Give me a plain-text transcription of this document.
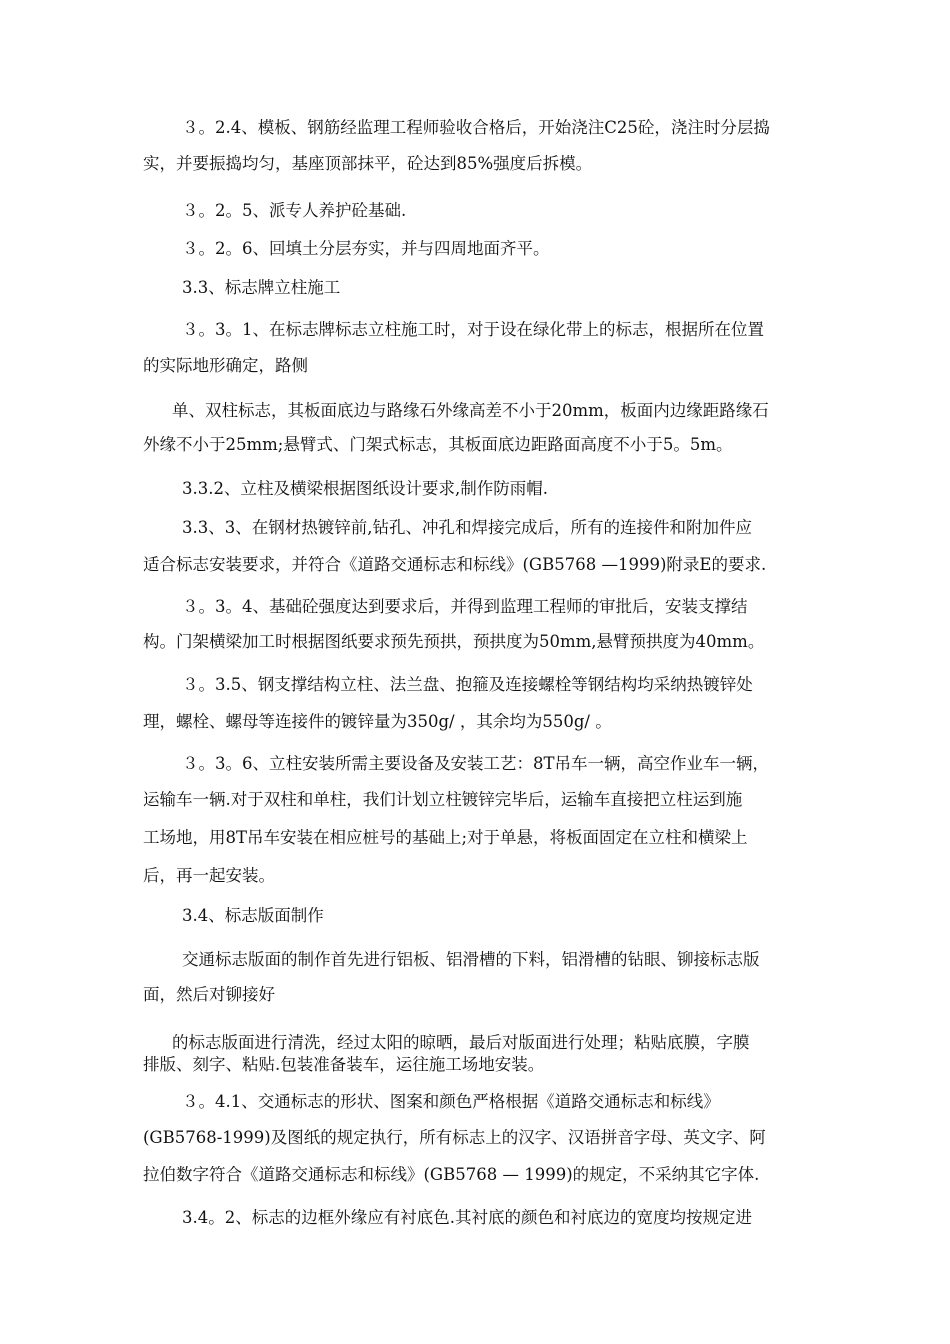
３。2.4、模板、钢筋经监理工程师验收合格后，开始浇注C25砼，浇注时分层捣
实，并要振捣均匀，基座顶部抹平，砼达到85%强度后拆模。
３。2。5、派专人养护砼基础.
３。2。6、回填土分层夯实，并与四周地面齐平。
3.3、标志牌立柱施工
３。3。1、在标志牌标志立柱施工时，对于设在绿化带上的标志，根据所在位置
的实际地形确定，路侧
单、双柱标志，其板面底边与路缘石外缘高差不小于20mm，板面内边缘距路缘石
外缘不小于25mm;悬臂式、门架式标志，其板面底边距路面高度不小于5。5m。
3.3.2、立柱及横梁根据图纸设计要求,制作防雨帽.
3.3、3、在钢材热镀锌前,钻孔、冲孔和焊接完成后，所有的连接件和附加件应
适合标志安装要求，并符合《道路交通标志和标线》(GB5768 —1999)附录E的要求.
３。3。4、基础砼强度达到要求后，并得到监理工程师的审批后，安装支撑结
构。门架横梁加工时根据图纸要求预先预拱，预拱度为50mm,悬臂预拱度为40mm。
３。3.5、钢支撑结构立柱、法兰盘、抱箍及连接螺栓等钢结构均采纳热镀锌处
理，螺栓、螺母等连接件的镀锌量为350g/ ，其余均为550g/ 。
３。3。6、立柱安装所需主要设备及安装工艺：8T吊车一辆，高空作业车一辆，
运输车一辆.对于双柱和单柱，我们计划立柱镀锌完毕后，运输车直接把立柱运到施
工场地，用8T吊车安装在相应桩号的基础上;对于单悬，将板面固定在立柱和横梁上
后，再一起安装。
3.4、标志版面制作
交通标志版面的制作首先进行铝板、铝滑槽的下料，铝滑槽的钻眼、铆接标志版
面，然后对铆接好
的标志版面进行清洗，经过太阳的晾晒，最后对版面进行处理；粘贴底膜，字膜
排版、刻字、粘贴.包装准备装车，运往施工场地安装。
３。4.1、交通标志的形状、图案和颜色严格根据《道路交通标志和标线》
(GB5768-1999)及图纸的规定执行，所有标志上的汉字、汉语拼音字母、英文字、阿
拉伯数字符合《道路交通标志和标线》(GB5768 — 1999)的规定，不采纳其它字体.
3.4。2、标志的边框外缘应有衬底色.其衬底的颜色和衬底边的宽度均按规定进
